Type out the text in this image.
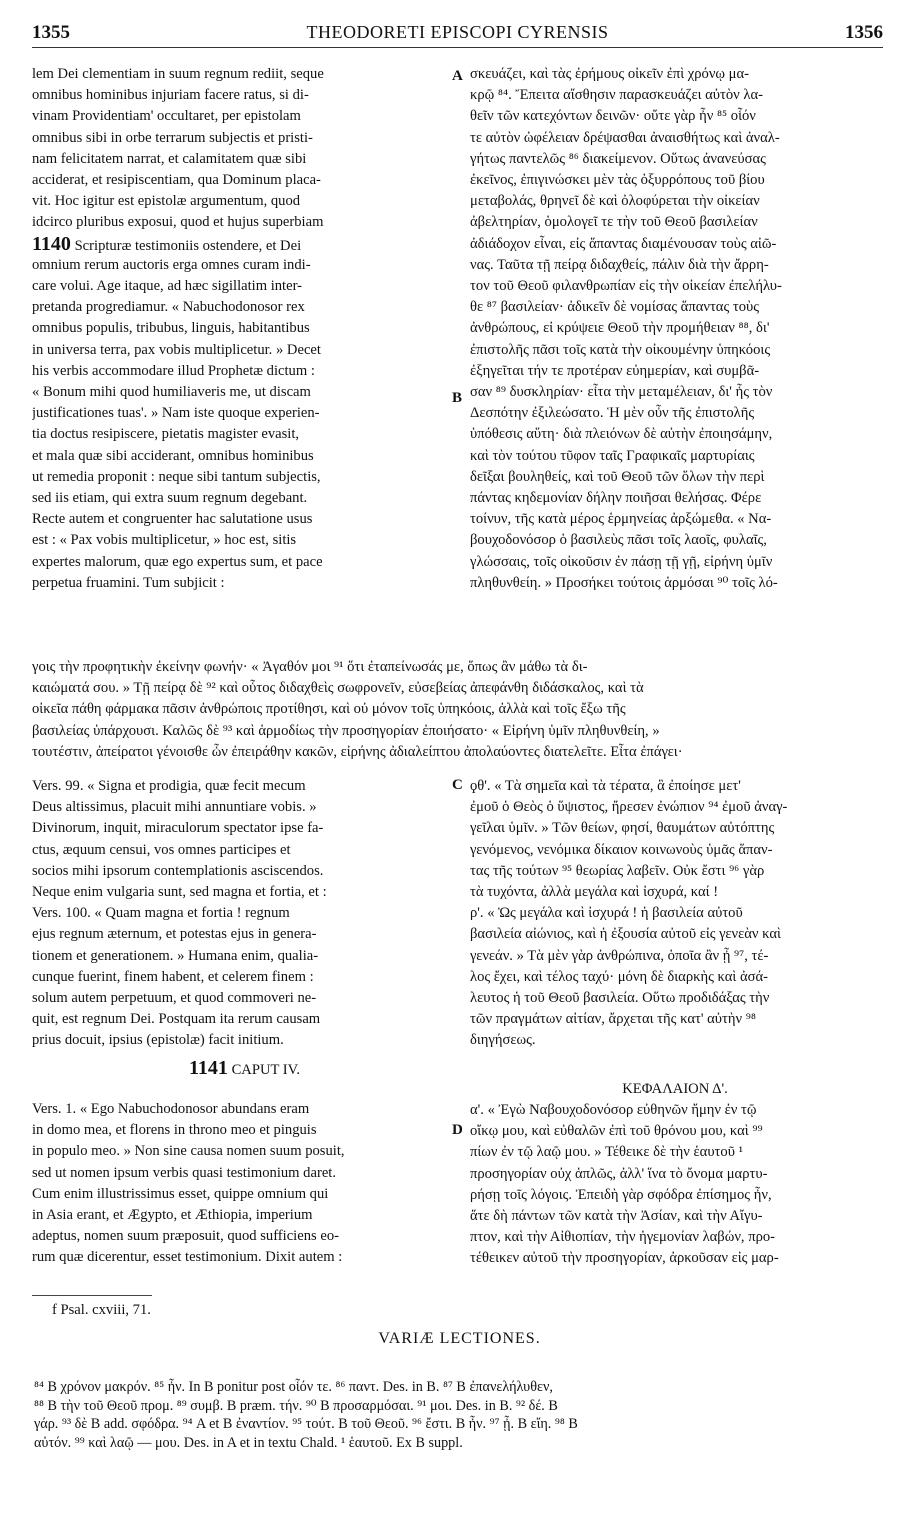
1355	THEODORETI EPISCOPI CYRENSIS	1356
A
B
C
D
lem Dei clementiam in suum regnum rediit, seque
omnibus hominibus injuriam facere ratus, si di-
vinam Providentiam' occultaret, per epistolam
omnibus sibi in orbe terrarum subjectis et pristi-
nam felicitatem narrat, et calamitatem quæ sibi
acciderat, et resipiscentiam, qua Dominum placa-
vit. Hoc igitur est epistolæ argumentum, quod
idcirco pluribus exposui, quod et hujus superbiam
1140 Scripturæ testimoniis ostendere, et Dei
omnium rerum auctoris erga omnes curam indi-
care volui. Age itaque, ad hæc sigillatim inter-
pretanda progrediamur. « Nabuchodonosor rex
omnibus populis, tribubus, linguis, habitantibus
in universa terra, pax vobis multiplicetur. » Decet
his verbis accommodare illud Prophetæ dictum :
« Bonum mihi quod humiliaveris me, ut discam
justificationes tuas'. » Nam iste quoque experien-
tia doctus resipiscere, pietatis magister evasit,
et mala quæ sibi acciderant, omnibus hominibus
ut remedia proponit : neque sibi tantum subjectis,
sed iis etiam, qui extra suum regnum degebant.
Recte autem et congruenter hac salutatione usus
est : « Pax vobis multiplicetur, » hoc est, sitis
expertes malorum, quæ ego expertus sum, et pace
perpetua fruamini. Tum subjicit :
σκευάζει, καὶ τὰς ἐρήμους οἰκεῖν ἐπὶ χρόνῳ μα-
κρῷ ⁸⁴. Ἔπειτα αἴσθησιν παρασκευάζει αὐτὸν λα-
θεῖν τῶν κατεχόντων δεινῶν· οὔτε γὰρ ἦν ⁸⁵ οἷόν
τε αὐτὸν ὠφέλειαν δρέψασθαι ἀναισθήτως καὶ ἀναλ-
γήτως παντελῶς ⁸⁶ διακείμενον. Οὕτως ἀνανεύσας
ἐκεῖνος, ἐπιγινώσκει μὲν τὰς ὀξυρρόπους τοῦ βίου
μεταβολάς, θρηνεῖ δὲ καὶ ὀλοφύρεται τὴν οἰκείαν
ἀβελτηρίαν, ὁμολογεῖ τε τὴν τοῦ Θεοῦ βασιλείαν
ἀδιάδοχον εἶναι, εἰς ἅπαντας διαμένουσαν τοὺς αἰῶ-
νας. Ταῦτα τῇ πείρᾳ διδαχθείς, πάλιν διὰ τὴν ἄρρη-
τον τοῦ Θεοῦ φιλανθρωπίαν εἰς τὴν οἰκείαν ἐπελήλυ-
θε ⁸⁷ βασιλείαν· ἀδικεῖν δὲ νομίσας ἅπαντας τοὺς
ἀνθρώπους, εἰ κρύψειε Θεοῦ τὴν προμήθειαν ⁸⁸, δι'
ἐπιστολῆς πᾶσι τοῖς κατὰ τὴν οἰκουμένην ὑπηκόοις
ἐξηγεῖται τήν τε προτέραν εὐημερίαν, καὶ συμβᾶ-
σαν ⁸⁹ δυσκληρίαν· εἶτα τὴν μεταμέλειαν, δι' ἧς τὸν
Δεσπότην ἐξιλεώσατο. Ἡ μὲν οὖν τῆς ἐπιστολῆς
ὑπόθεσις αὕτη· διὰ πλειόνων δὲ αὐτὴν ἐποιησάμην,
καὶ τὸν τούτου τῦφον ταῖς Γραφικαῖς μαρτυρίαις
δεῖξαι βουληθείς, καὶ τοῦ Θεοῦ τῶν ὅλων τὴν περὶ
πάντας κηδεμονίαν δήλην ποιῆσαι θελήσας. Φέρε
τοίνυν, τῆς κατὰ μέρος ἑρμηνείας ἀρξώμεθα. « Να-
βουχοδονόσορ ὁ βασιλεὺς πᾶσι τοῖς λαοῖς, φυλαῖς,
γλώσσαις, τοῖς οἰκοῦσιν ἐν πάσῃ τῇ γῇ, εἰρήνη ὑμῖν
πληθυνθείη. » Προσήκει τούτοις ἁρμόσαι ⁹⁰ τοῖς λό-
γοις τὴν προφητικὴν ἐκείνην φωνήν· « Ἀγαθόν μοι ⁹¹ ὅτι ἐταπείνωσάς με, ὅπως ἂν μάθω τὰ δι-
καιώματά σου. » Τῇ πείρᾳ δὲ ⁹² καὶ οὗτος διδαχθεὶς σωφρονεῖν, εὐσεβείας ἀπεφάνθη διδάσκαλος, καὶ τὰ
οἰκεῖα πάθη φάρμακα πᾶσιν ἀνθρώποις προτίθησι, καὶ οὐ μόνον τοῖς ὑπηκόοις, ἀλλὰ καὶ τοῖς ἔξω τῆς
βασιλείας ὑπάρχουσι. Καλῶς δὲ ⁹³ καὶ ἁρμοδίως τὴν προσηγορίαν ἐποιήσατο· « Εἰρήνη ὑμῖν πληθυνθείη, »
τουτέστιν, ἀπείρατοι γένοισθε ὧν ἐπειράθην κακῶν, εἰρήνης ἀδιαλείπτου ἀπολαύοντες διατελεῖτε. Εἶτα ἐπάγει·
Vers. 99. « Signa et prodigia, quæ fecit mecum
Deus altissimus, placuit mihi annuntiare vobis. »
Divinorum, inquit, miraculorum spectator ipse fa-
ctus, æquum censui, vos omnes participes et
socios mihi ipsorum contemplationis asciscendos.
Neque enim vulgaria sunt, sed magna et fortia, et :
Vers. 100. « Quam magna et fortia ! regnum
ejus regnum æternum, et potestas ejus in genera-
tionem et generationem. » Humana enim, qualia-
cunque fuerint, finem habent, et celerem finem :
solum autem perpetuum, et quod commoveri ne-
quit, est regnum Dei. Postquam ita rerum causam
prius docuit, ipsius (epistolæ) facit initium.
1141 CAPUT IV.
Vers. 1. « Ego Nabuchodonosor abundans eram
in domo mea, et florens in throno meo et pinguis
in populo meo. » Non sine causa nomen suum posuit,
sed ut nomen ipsum verbis quasi testimonium daret.
Cum enim illustrissimus esset, quippe omnium qui
in Asia erant, et Ægypto, et Æthiopia, imperium
adeptus, nomen suum præposuit, quod sufficiens eo-
rum quæ dicerentur, esset testimonium. Dixit autem :
ϙθ'. « Τὰ σημεῖα καὶ τὰ τέρατα, ἃ ἐποίησε μετ'
ἐμοῦ ὁ Θεὸς ὁ ὕψιστος, ἤρεσεν ἐνώπιον ⁹⁴ ἐμοῦ ἀναγ-
γεῖλαι ὑμῖν. » Τῶν θείων, φησί, θαυμάτων αὐτόπτης
γενόμενος, νενόμικα δίκαιον κοινωνοὺς ὑμᾶς ἅπαν-
τας τῆς τούτων ⁹⁵ θεωρίας λαβεῖν. Οὐκ ἔστι ⁹⁶ γὰρ
τὰ τυχόντα, ἀλλὰ μεγάλα καὶ ἰσχυρά, καί !
ρ'. « Ὡς μεγάλα καὶ ἰσχυρά ! ἡ βασιλεία αὐτοῦ
βασιλεία αἰώνιος, καὶ ἡ ἐξουσία αὐτοῦ εἰς γενεὰν καὶ
γενεάν. » Τὰ μὲν γὰρ ἀνθρώπινα, ὁποῖα ἂν ᾖ ⁹⁷, τέ-
λος ἔχει, καὶ τέλος ταχύ· μόνη δὲ διαρκὴς καὶ ἀσά-
λευτος ἡ τοῦ Θεοῦ βασιλεία. Οὕτω προδιδάξας τὴν
τῶν πραγμάτων αἰτίαν, ἄρχεται τῆς κατ' αὐτὴν ⁹⁸
διηγήσεως.
ΚΕΦΑΛΑΙΟΝ Δ'.
α'. « Ἐγὼ Ναβουχοδονόσορ εὐθηνῶν ἤμην ἐν τῷ
οἴκῳ μου, καὶ εὐθαλῶν ἐπὶ τοῦ θρόνου μου, καὶ ⁹⁹
πίων ἐν τῷ λαῷ μου. » Τέθεικε δὲ τὴν ἑαυτοῦ ¹
προσηγορίαν οὐχ ἁπλῶς, ἀλλ' ἵνα τὸ ὄνομα μαρτυ-
ρήσῃ τοῖς λόγοις. Ἐπειδὴ γὰρ σφόδρα ἐπίσημος ἦν,
ἅτε δὴ πάντων τῶν κατὰ τὴν Ἀσίαν, καὶ τὴν Αἴγυ-
πτον, καὶ τὴν Αἰθιοπίαν, τὴν ἡγεμονίαν λαβών, προ-
τέθεικεν αὐτοῦ τὴν προσηγορίαν, ἀρκοῦσαν εἰς μαρ-
f Psal. cxviii, 71.
VARIÆ LECTIONES.
⁸⁴ B χρόνον μακρόν. ⁸⁵ ἦν. In B ponitur post οἷόν τε. ⁸⁶ παντ. Des. in B. ⁸⁷ B ἐπανελήλυθεν,
⁸⁸ B τὴν τοῦ Θεοῦ προμ. ⁸⁹ συμβ. B præm. τήν. ⁹⁰ B προσαρμόσαι. ⁹¹ μοι. Des. in B. ⁹² δέ. B
γάρ. ⁹³ δὲ B add. σφόδρα. ⁹⁴ A et B ἐναντίον. ⁹⁵ τούτ. B τοῦ Θεοῦ. ⁹⁶ ἔστι. B ἦν. ⁹⁷ ᾖ. B εἴη. ⁹⁸ B
αὐτόν. ⁹⁹ καὶ λαῷ — μου. Des. in A et in textu Chald. ¹ ἑαυτοῦ. Ex B suppl.
